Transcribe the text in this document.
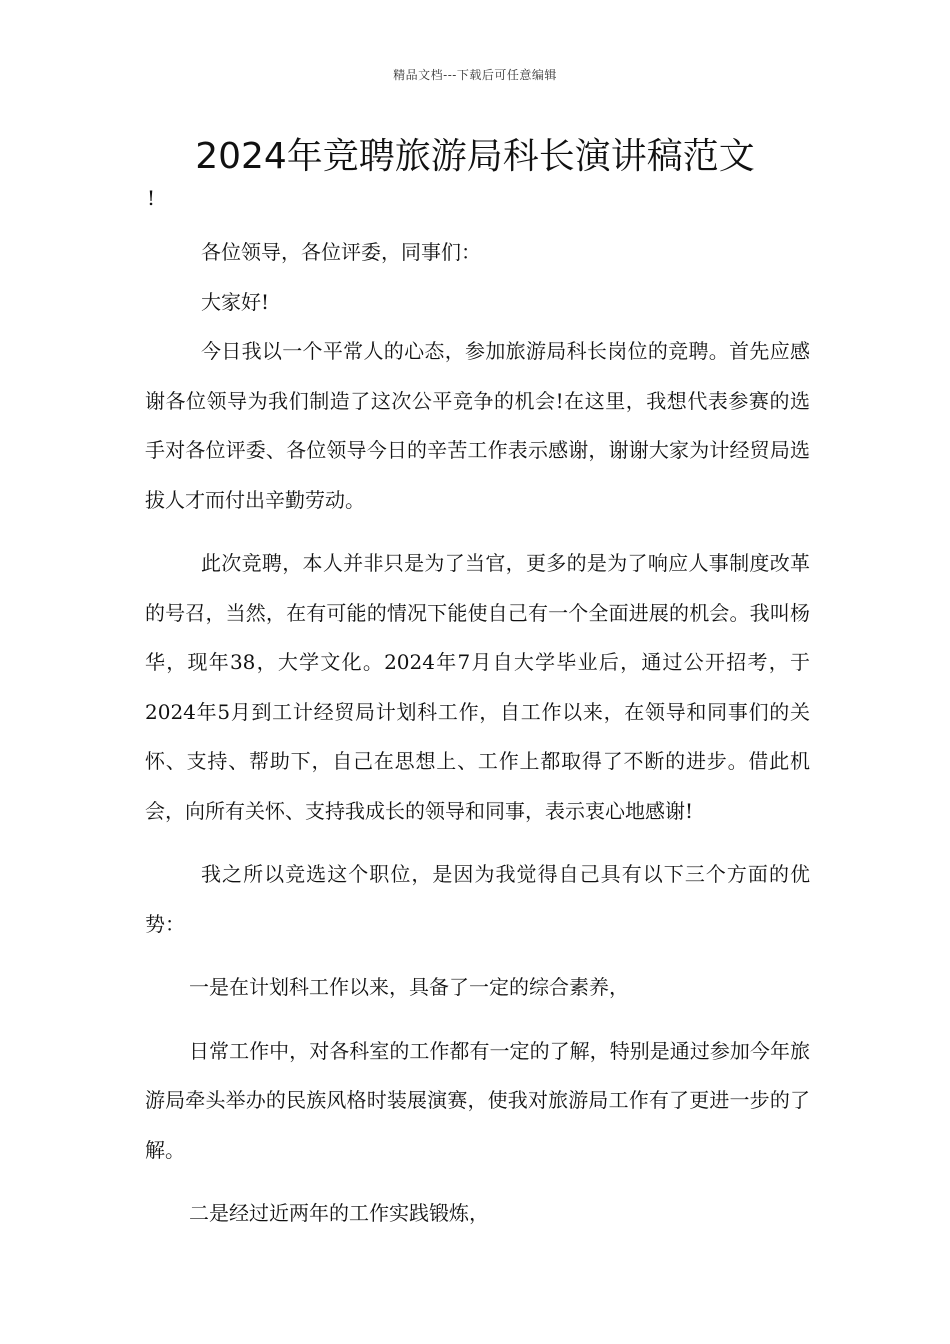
精品文档---下载后可任意编辑
2024年竞聘旅游局科长演讲稿范文
!

各位领导，各位评委，同事们：

大家好!

今日我以一个平常人的心态，参加旅游局科长岗位的竞聘。首先应感谢各位领导为我们制造了这次公平竞争的机会!在这里，我想代表参赛的选手对各位评委、各位领导今日的辛苦工作表示感谢，谢谢大家为计经贸局选拔人才而付出辛勤劳动。

此次竞聘，本人并非只是为了当官，更多的是为了响应人事制度改革的号召，当然，在有可能的情况下能使自己有一个全面进展的机会。我叫杨华，现年38，大学文化。2024年7月自大学毕业后，通过公开招考，于2024年5月到工计经贸局计划科工作，自工作以来，在领导和同事们的关怀、支持、帮助下，自己在思想上、工作上都取得了不断的进步。借此机会，向所有关怀、支持我成长的领导和同事，表示衷心地感谢!

我之所以竞选这个职位，是因为我觉得自己具有以下三个方面的优势：

一是在计划科工作以来，具备了一定的综合素养，

日常工作中，对各科室的工作都有一定的了解，特别是通过参加今年旅游局牵头举办的民族风格时装展演赛，使我对旅游局工作有了更进一步的了解。

二是经过近两年的工作实践锻炼，
